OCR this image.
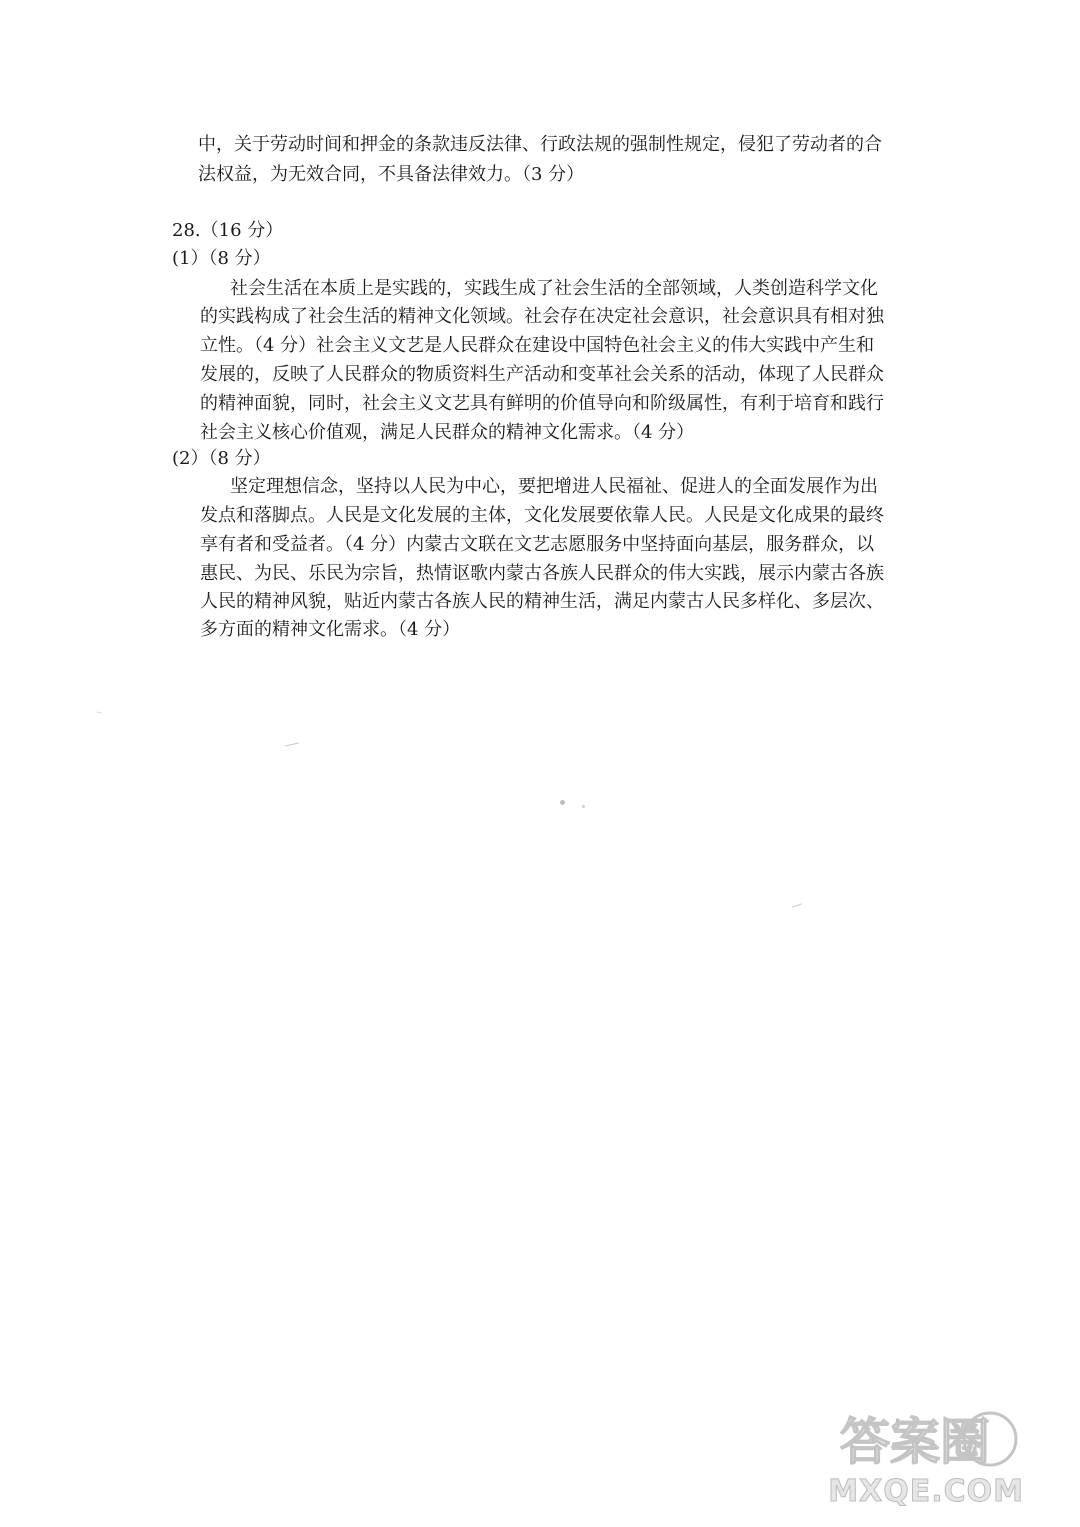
中，关于劳动时间和押金的条款违反法律、行政法规的强制性规定，侵犯了劳动者的合
法权益，为无效合同，不具备法律效力。（3 分）
28.（16 分）
(1）（8 分）
社会生活在本质上是实践的，实践生成了社会生活的全部领域，人类创造科学文化
的实践构成了社会生活的精神文化领域。社会存在决定社会意识，社会意识具有相对独
立性。（4 分）社会主义文艺是人民群众在建设中国特色社会主义的伟大实践中产生和
发展的，反映了人民群众的物质资料生产活动和变革社会关系的活动，体现了人民群众
的精神面貌，同时，社会主义文艺具有鲜明的价值导向和阶级属性，有利于培育和践行
社会主义核心价值观，满足人民群众的精神文化需求。（4 分）
(2）（8 分）
坚定理想信念，坚持以人民为中心，要把增进人民福祉、促进人的全面发展作为出
发点和落脚点。人民是文化发展的主体，文化发展要依靠人民。人民是文化成果的最终
享有者和受益者。（4 分）内蒙古文联在文艺志愿服务中坚持面向基层，服务群众，以
惠民、为民、乐民为宗旨，热情讴歌内蒙古各族人民群众的伟大实践，展示内蒙古各族
人民的精神风貌，贴近内蒙古各族人民的精神生活，满足内蒙古人民多样化、多层次、
多方面的精神文化需求。（4 分）
答案圈
MXQE.COM
